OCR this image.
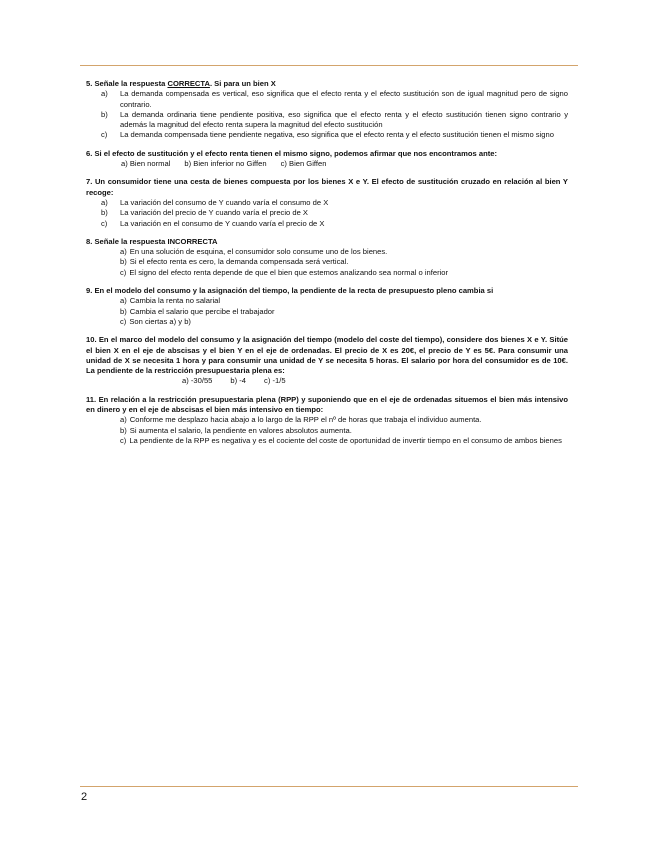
5. Señale la respuesta CORRECTA. Si para un bien X
a)	La demanda compensada es vertical, eso significa que el efecto renta y el efecto sustitución son de igual magnitud pero de signo contrario.
b)	La demanda ordinaria tiene pendiente positiva, eso significa que el efecto renta y el efecto sustitución tienen signo contrario y además la magnitud del efecto renta supera la magnitud del efecto sustitución
c)	La demanda compensada tiene pendiente negativa, eso significa que el efecto renta y el efecto sustitución tienen el mismo signo
6. Si el efecto de sustitución y el efecto renta tienen el mismo signo, podemos afirmar que nos encontramos ante:
a) Bien normal b) Bien inferior no Giffen c) Bien Giffen
7. Un consumidor tiene una cesta de bienes compuesta por los bienes X e Y. El efecto de sustitución cruzado en relación al bien Y recoge:
a)	La variación del consumo de Y cuando varía el consumo de X
b)	La variación del precio de Y cuando varía el precio de X
c)	La variación en el consumo de Y cuando varía el precio de X
8. Señale la respuesta INCORRECTA
a) En una solución de esquina, el consumidor solo consume uno de los bienes.
b) Si el efecto renta es cero, la demanda compensada será vertical.
c) El signo del efecto renta depende de que el bien que estemos analizando sea normal o inferior
9. En el modelo del consumo y la asignación del tiempo, la pendiente de la recta de presupuesto pleno cambia si
a) Cambia la renta no salarial
b) Cambia el salario que percibe el trabajador
c) Son ciertas a) y b)
10. En el marco del modelo del consumo y la asignación del tiempo (modelo del coste del tiempo), considere dos bienes X e Y. Sitúe el bien X en el eje de abscisas y el bien Y en el eje de ordenadas. El precio de X es 20€, el precio de Y es 5€. Para consumir una unidad de X se necesita 1 hora y para consumir una unidad de Y se necesita 5 horas. El salario por hora del consumidor es de 10€. La pendiente de la restricción presupuestaria plena es:
a) -30/55 b) -4 c) -1/5
11. En relación a la restricción presupuestaria plena (RPP) y suponiendo que en el eje de ordenadas situemos el bien más intensivo en dinero y en el eje de abscisas el bien más intensivo en tiempo:
a) Conforme me desplazo hacia abajo a lo largo de la RPP el nº de horas que trabaja el individuo aumenta.
b) Si aumenta el salario, la pendiente en valores absolutos aumenta.
c) La pendiente de la RPP es negativa y es el cociente del coste de oportunidad de invertir tiempo en el consumo de ambos bienes
2
